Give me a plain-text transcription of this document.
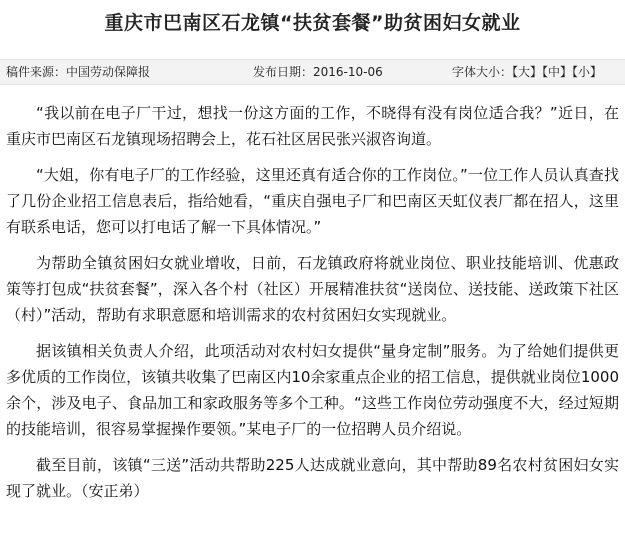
重庆市巴南区石龙镇“扶贫套餐”助贫困妇女就业
稿件来源：中国劳动保障报	发布日期：2016-10-06	字体大小：【大】【中】【小】

“我以前在电子厂干过，想找一份这方面的工作，不晓得有没有岗位适合我？”近日，在重庆市巴南区石龙镇现场招聘会上，花石社区居民张兴淑咨询道。

“大姐，你有电子厂的工作经验，这里还真有适合你的工作岗位。”一位工作人员认真查找了几份企业招工信息表后，指给她看，“重庆自强电子厂和巴南区天虹仪表厂都在招人，这里有联系电话，您可以打电话了解一下具体情况。”

为帮助全镇贫困妇女就业增收，日前，石龙镇政府将就业岗位、职业技能培训、优惠政策等打包成“扶贫套餐”，深入各个村（社区）开展精准扶贫“送岗位、送技能、送政策下社区（村）”活动，帮助有求职意愿和培训需求的农村贫困妇女实现就业。

据该镇相关负责人介绍，此项活动对农村妇女提供“量身定制”服务。为了给她们提供更多优质的工作岗位，该镇共收集了巴南区内10余家重点企业的招工信息，提供就业岗位1000余个，涉及电子、食品加工和家政服务等多个工种。“这些工作岗位劳动强度不大，经过短期的技能培训，很容易掌握操作要领。”某电子厂的一位招聘人员介绍说。

截至目前，该镇“三送”活动共帮助225人达成就业意向，其中帮助89名农村贫困妇女实现了就业。（安正弟）
